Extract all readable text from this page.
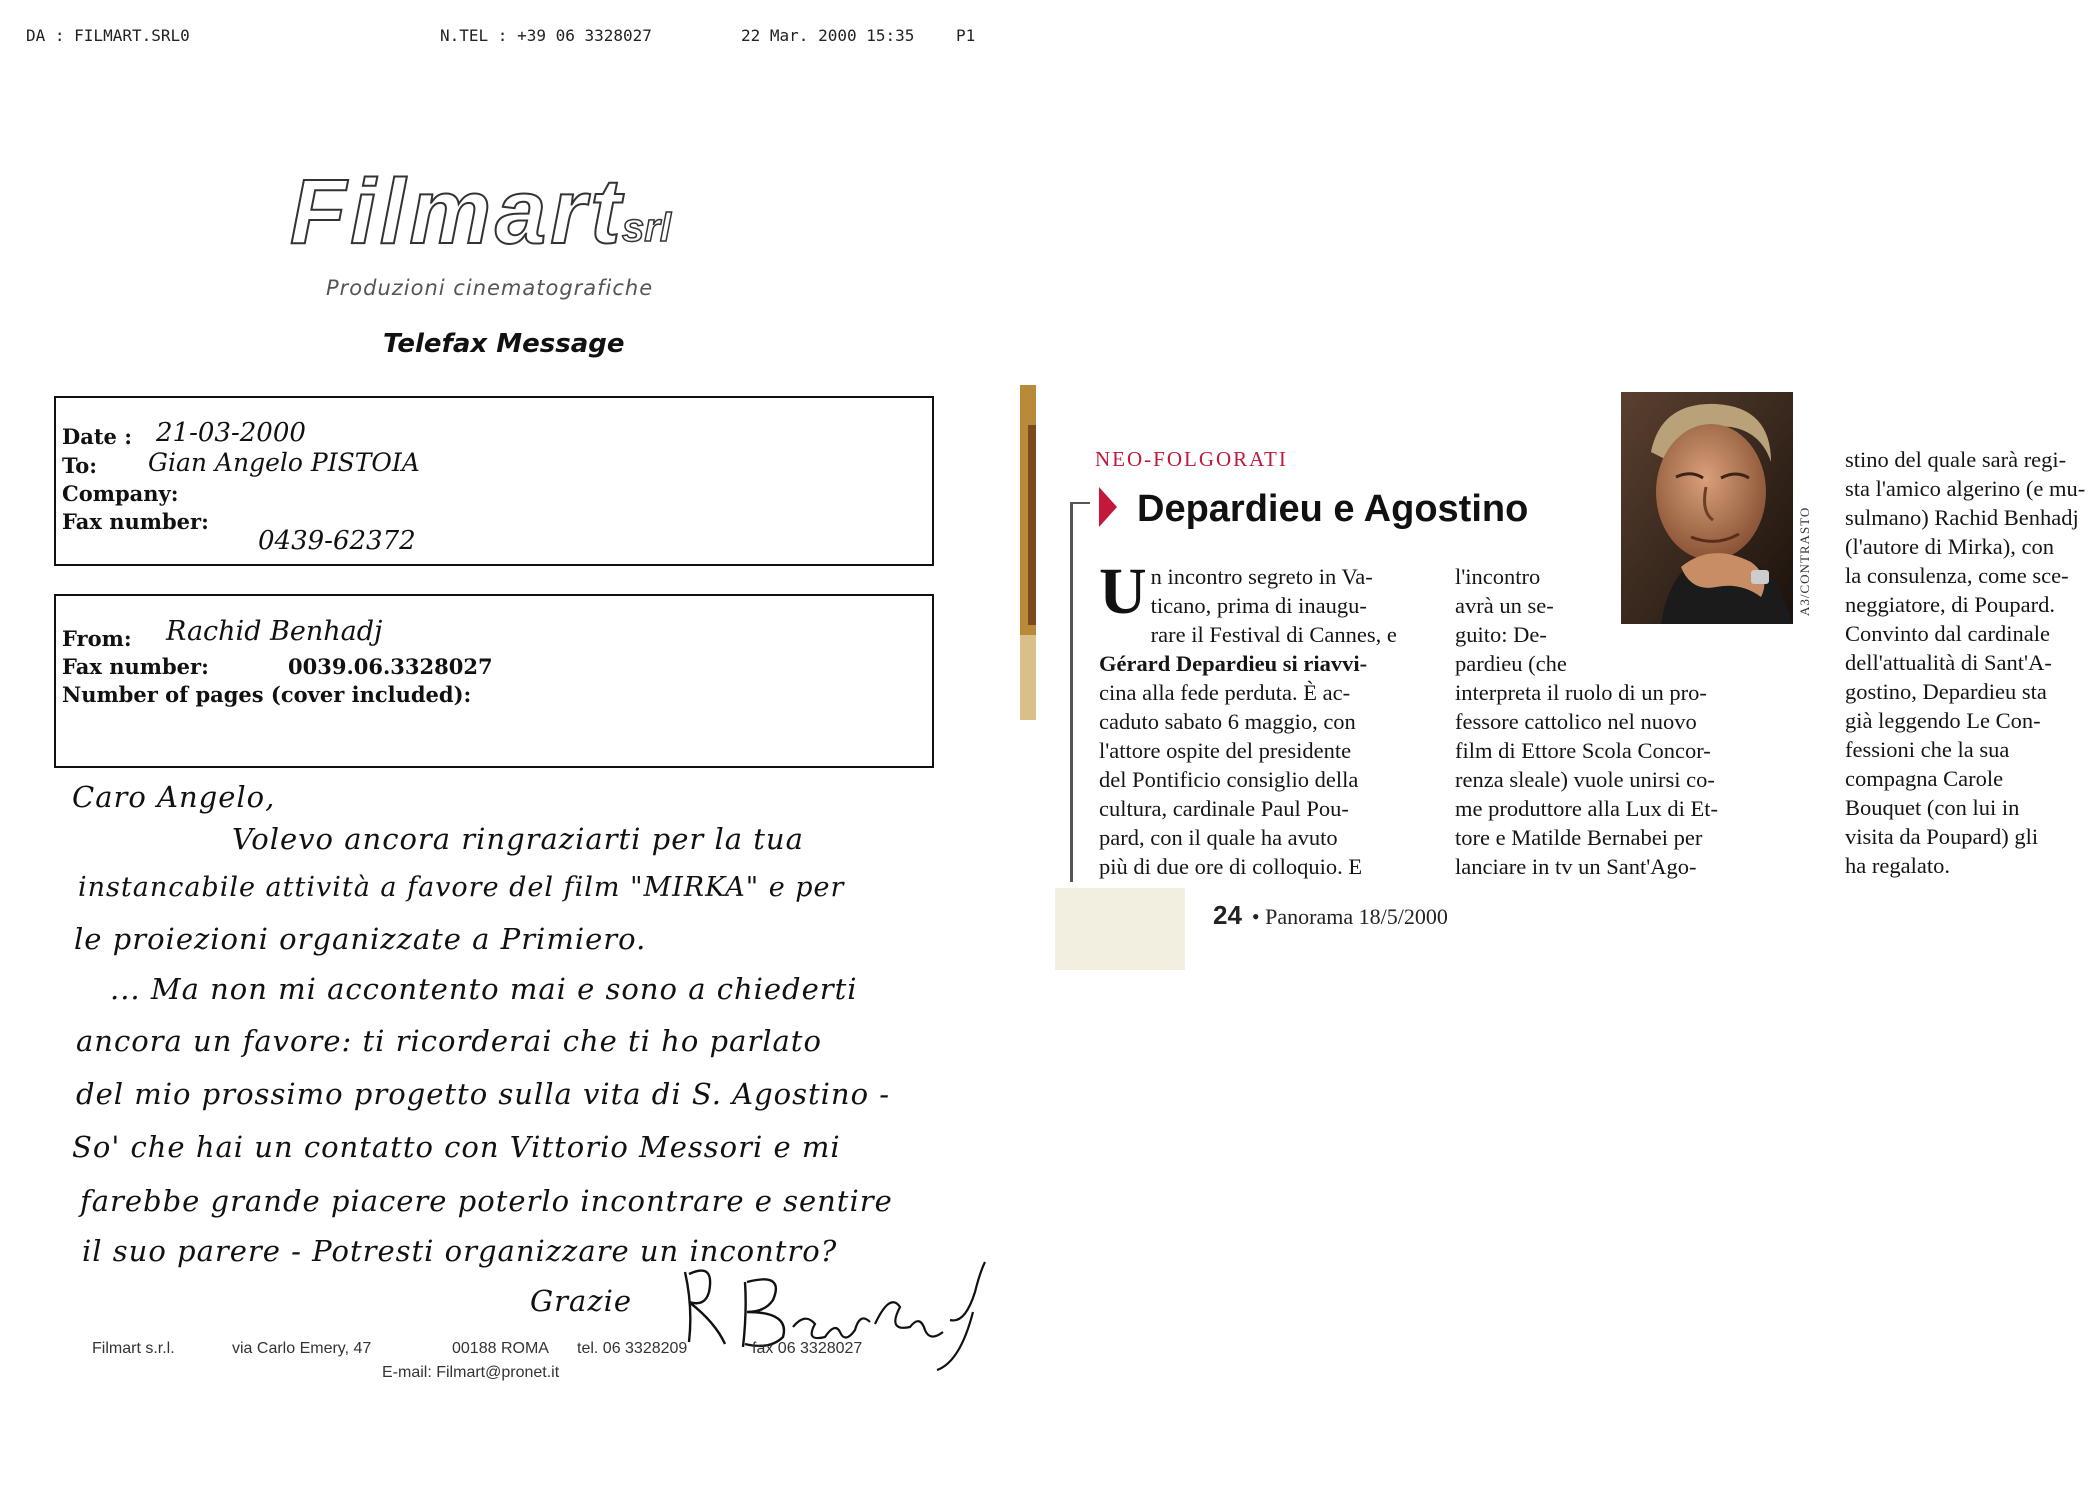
DA : FILMART.SRL0	N.TEL : +39 06 3328027	22 Mar. 2000 15:35	P1
Filmart
srl
Produzioni cinematografiche
Telefax Message
Date : 21-03-2000
To: Gian Angelo PISTOIA
Company:
Fax number:
0439-62372
From: Rachid Benhadj
Fax number:	0039.06.3328027
Number of pages (cover included):
Caro Angelo,
Volevo ancora ringraziarti per la tua
instancabile attività a favore del film "MIRKA" e per
le proiezioni organizzate a Primiero.
... Ma non mi accontento mai e sono a chiederti
ancora un favore: ti ricorderai che ti ho parlato
del mio prossimo progetto sulla vita di S. Agostino -
So' che hai un contatto con Vittorio Messori e mi
farebbe grande piacere poterlo incontrare e sentire
il suo parere - Potresti organizzare un incontro?
Grazie
Filmart s.r.l.	via Carlo Emery, 47	00188 ROMA tel. 06 3328209	fax 06 3328027
E-mail: Filmart@pronet.it
NEO-FOLGORATI
Depardieu e Agostino	A3/CONTRASTO
U n incontro segreto in Va-
ticano, prima di inaugu-
rare il Festival di Cannes, e
Gérard Depardieu si riavvi-
cina alla fede perduta. È ac-
caduto sabato 6 maggio, con
l'attore ospite del presidente
del Pontificio consiglio della
cultura, cardinale Paul Pou-
pard, con il quale ha avuto
più di due ore di colloquio. E
l'incontro
avrà un se-
guito: De-
pardieu (che
interpreta il ruolo di un pro-
fessore cattolico nel nuovo
film di Ettore Scola Concor-
renza sleale) vuole unirsi co-
me produttore alla Lux di Et-
tore e Matilde Bernabei per
lanciare in tv un Sant'Ago-
stino del quale sarà regi-
sta l'amico algerino (e mu-
sulmano) Rachid Benhadj
(l'autore di Mirka), con
la consulenza, come sce-
neggiatore, di Poupard.
Convinto dal cardinale
dell'attualità di Sant'A-
gostino, Depardieu sta
già leggendo Le Con-
fessioni che la sua
compagna Carole
Bouquet (con lui in
visita da Poupard) gli
ha regalato.
24 • Panorama 18/5/2000
